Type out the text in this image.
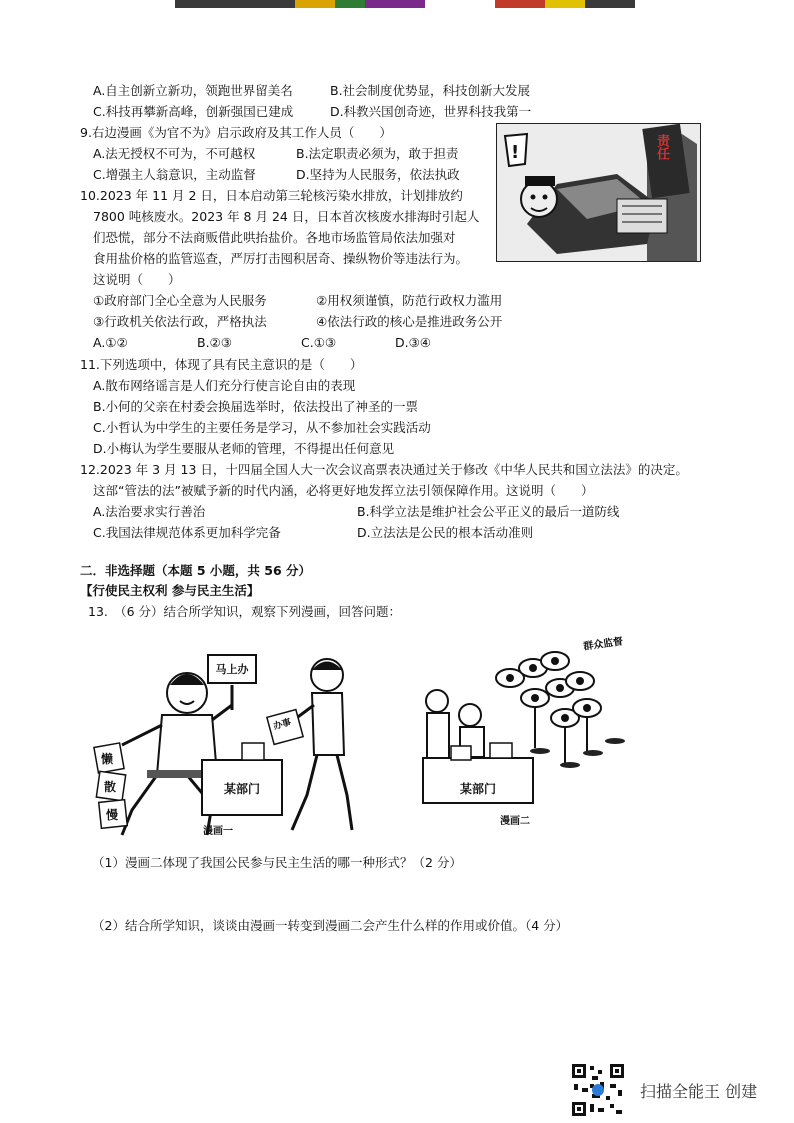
A.自主创新立新功，领跑世界留美名	B.社会制度优势显，科技创新大发展
C.科技再攀新高峰，创新强国已建成	D.科教兴国创奇迹，世界科技我第一
9.右边漫画《为官不为》启示政府及其工作人员（　　）
A.法无授权不可为，不可越权	B.法定职责必须为，敢于担责
C.增强主人翁意识，主动监督	D.坚持为人民服务，依法执政
!	责任
10.2023 年 11 月 2 日，日本启动第三轮核污染水排放，计划排放约
7800 吨核废水。2023 年 8 月 24 日，日本首次核废水排海时引起人
们恐慌，部分不法商贩借此哄抬盐价。各地市场监管局依法加强对
食用盐价格的监管巡查，严厉打击囤积居奇、操纵物价等违法行为。
这说明（　　）
①政府部门全心全意为人民服务	②用权须谨慎，防范行政权力滥用
③行政机关依法行政，严格执法	④依法行政的核心是推进政务公开
A.①②	B.②③	C.①③	D.③④
11.下列选项中，体现了具有民主意识的是（　　）
A.散布网络谣言是人们充分行使言论自由的表现
B.小何的父亲在村委会换届选举时，依法投出了神圣的一票
C.小哲认为中学生的主要任务是学习，从不参加社会实践活动
D.小梅认为学生要服从老师的管理，不得提出任何意见
12.2023 年 3 月 13 日，十四届全国人大一次会议高票表决通过关于修改《中华人民共和国立法法》的决定。
这部“管法的法”被赋予新的时代内涵，必将更好地发挥立法引领保障作用。这说明（　　）
A.法治要求实行善治	B.科学立法是维护社会公平正义的最后一道防线
C.我国法律规范体系更加科学完备	D.立法法是公民的根本活动准则
二．非选择题（本题 5 小题，共 56 分）
【行使民主权利 参与民主生活】
13.　（6 分）结合所学知识，观察下列漫画，回答问题：
马上办
某部门
懒
散
慢
办事
漫画一
群众监督
某部门
漫画二
（1）漫画二体现了我国公民参与民主生活的哪一种形式？（2 分）
（2）结合所学知识，谈谈由漫画一转变到漫画二会产生什么样的作用或价值。（4 分）
扫描全能王 创建
